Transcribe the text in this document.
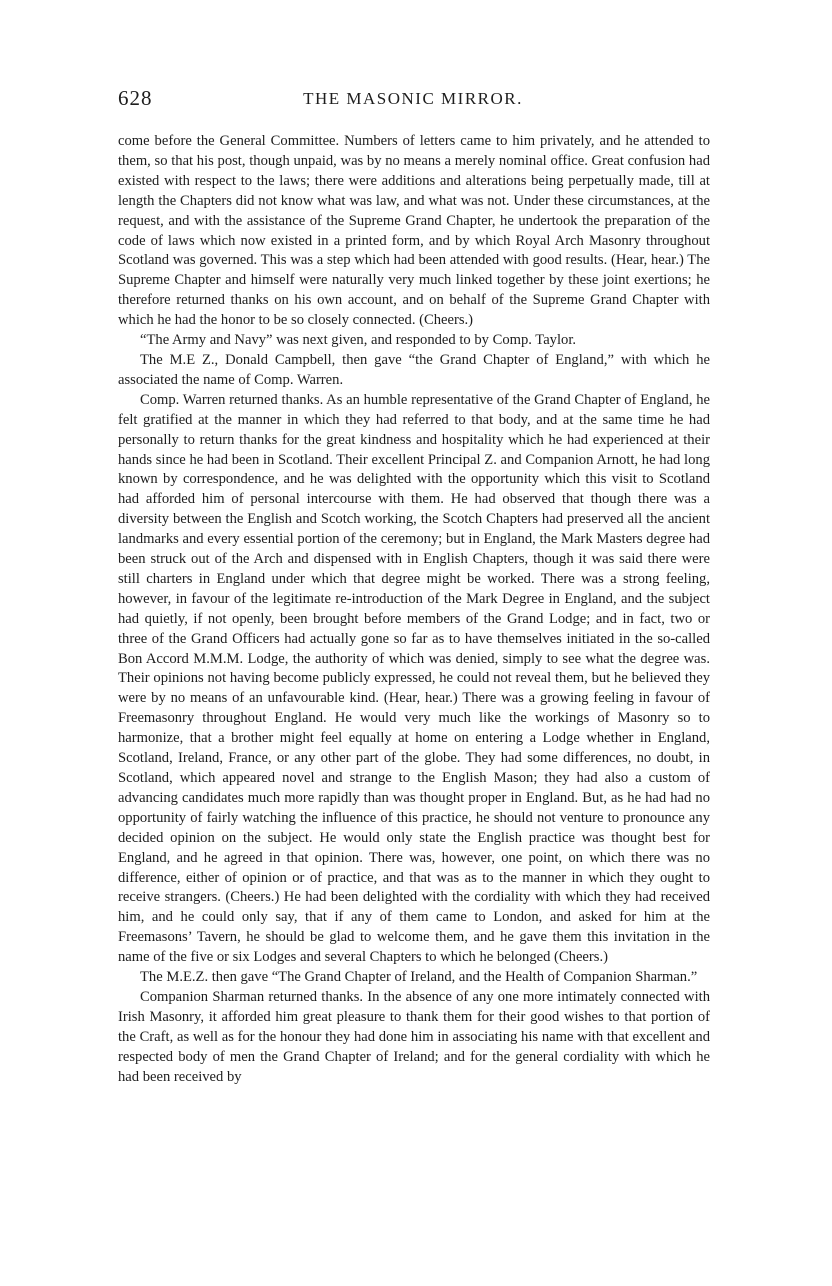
628	THE MASONIC MIRROR.

come before the General Committee. Numbers of letters came to him privately, and he attended to them, so that his post, though unpaid, was by no means a merely nominal office. Great confusion had existed with respect to the laws; there were additions and alterations being perpetually made, till at length the Chapters did not know what was law, and what was not. Under these circumstances, at the request, and with the assistance of the Supreme Grand Chapter, he undertook the preparation of the code of laws which now existed in a printed form, and by which Royal Arch Masonry throughout Scotland was governed. This was a step which had been attended with good results. (Hear, hear.) The Supreme Chapter and himself were naturally very much linked together by these joint exertions; he therefore returned thanks on his own account, and on behalf of the Supreme Grand Chapter with which he had the honor to be so closely connected. (Cheers.)

“The Army and Navy” was next given, and responded to by Comp. Taylor.

The M.E Z., Donald Campbell, then gave “the Grand Chapter of England,” with which he associated the name of Comp. Warren.

Comp. Warren returned thanks. As an humble representative of the Grand Chapter of England, he felt gratified at the manner in which they had referred to that body, and at the same time he had personally to return thanks for the great kindness and hospitality which he had experienced at their hands since he had been in Scotland. Their excellent Principal Z. and Companion Arnott, he had long known by correspondence, and he was delighted with the opportunity which this visit to Scotland had afforded him of personal intercourse with them. He had observed that though there was a diversity between the English and Scotch working, the Scotch Chapters had preserved all the ancient landmarks and every essential portion of the ceremony; but in England, the Mark Masters degree had been struck out of the Arch and dispensed with in English Chapters, though it was said there were still charters in England under which that degree might be worked. There was a strong feeling, however, in favour of the legitimate re-introduction of the Mark Degree in England, and the subject had quietly, if not openly, been brought before members of the Grand Lodge; and in fact, two or three of the Grand Officers had actually gone so far as to have themselves initiated in the so-called Bon Accord M.M.M. Lodge, the authority of which was denied, simply to see what the degree was. Their opinions not having become publicly expressed, he could not reveal them, but he believed they were by no means of an unfavourable kind. (Hear, hear.) There was a growing feeling in favour of Freemasonry throughout England. He would very much like the workings of Masonry so to harmonize, that a brother might feel equally at home on entering a Lodge whether in England, Scotland, Ireland, France, or any other part of the globe. They had some differences, no doubt, in Scotland, which appeared novel and strange to the English Mason; they had also a custom of advancing candidates much more rapidly than was thought proper in England. But, as he had had no opportunity of fairly watching the influence of this practice, he should not venture to pronounce any decided opinion on the subject. He would only state the English practice was thought best for England, and he agreed in that opinion. There was, however, one point, on which there was no difference, either of opinion or of practice, and that was as to the manner in which they ought to receive strangers. (Cheers.) He had been delighted with the cordiality with which they had received him, and he could only say, that if any of them came to London, and asked for him at the Freemasons’ Tavern, he should be glad to welcome them, and he gave them this invitation in the name of the five or six Lodges and several Chapters to which he belonged (Cheers.)

The M.E.Z. then gave “The Grand Chapter of Ireland, and the Health of Companion Sharman.”

Companion Sharman returned thanks. In the absence of any one more intimately connected with Irish Masonry, it afforded him great pleasure to thank them for their good wishes to that portion of the Craft, as well as for the honour they had done him in associating his name with that excellent and respected body of men the Grand Chapter of Ireland; and for the general cordiality with which he had been received by
